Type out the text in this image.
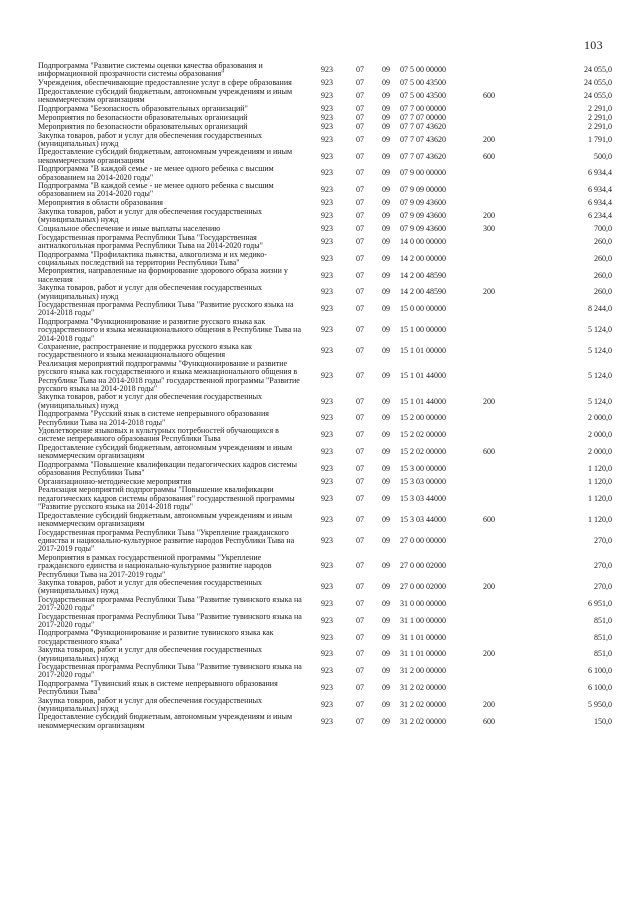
103
Подпрограмма "Развитие системы оценки качества образования и информационной прозрачности системы образования"	923	07	09	07 5 00 00000		24 055,0
Учреждения, обеспечивающие предоставление услуг в сфере образования	923	07	09	07 5 00 43500		24 055,0
Предоставление субсидий бюджетным, автономным учреждениям и иным некоммерческим организациям	923	07	09	07 5 00 43500	600	24 055,0
Подпрограмма "Безопасность образовательных организаций"	923	07	09	07 7 00 00000		2 291,0
Мероприятия по безопасности образовательных организаций	923	07	09	07 7 07 00000		2 291,0
Мероприятия по безопасности образовательных организаций	923	07	09	07 7 07 43620		2 291,0
Закупка товаров, работ и услуг для обеспечения государственных (муниципальных) нужд	923	07	09	07 7 07 43620	200	1 791,0
Предоставление субсидий бюджетным, автономным учреждениям и иным некоммерческим организациям	923	07	09	07 7 07 43620	600	500,0
Подпрограмма "В каждой семье - не менее одного ребенка с высшим образованием на 2014-2020 годы"	923	07	09	07 9 00 00000		6 934,4
Подпрограмма "В каждой семье - не менее одного ребенка с высшим образованием на 2014-2020 годы"	923	07	09	07 9 09 00000		6 934,4
Мероприятия в области образования	923	07	09	07 9 09 43600		6 934,4
Закупка товаров, работ и услуг для обеспечения государственных (муниципальных) нужд	923	07	09	07 9 09 43600	200	6 234,4
Социальное обеспечение и иные выплаты населению	923	07	09	07 9 09 43600	300	700,0
Государственная программа Республики Тыва "Государственная антиалкогольная программа Республики Тыва на 2014-2020 годы"	923	07	09	14 0 00 00000		260,0
Подпрограмма "Профилактика пьянства, алкоголизма и их медико-социальных последствий на территории Республики Тыва"	923	07	09	14 2 00 00000		260,0
Мероприятия, направленные на формирование здорового образа жизни у населения	923	07	09	14 2 00 48590		260,0
Закупка товаров, работ и услуг для обеспечения государственных (муниципальных) нужд	923	07	09	14 2 00 48590	200	260,0
Государственная программа Республики Тыва "Развитие русского языка на 2014-2018 годы"	923	07	09	15 0 00 00000		8 244,0
Подпрограмма "Функционирование и развитие русского языка как государственного и языка межнационального общения в Республике Тыва на 2014-2018 годы"	923	07	09	15 1 00 00000		5 124,0
Сохранение, распространение и поддержка русского языка как государственного и языка межнационального общения	923	07	09	15 1 01 00000		5 124,0
Реализация мероприятий подпрограммы "Функционирование и развитие русского языка как государственного и языка межнационального общения в Республике Тыва на 2014-2018 годы" государственной программы "Развитие русского языка на 2014-2018 годы"	923	07	09	15 1 01 44000		5 124,0
Закупка товаров, работ и услуг для обеспечения государственных (муниципальных) нужд	923	07	09	15 1 01 44000	200	5 124,0
Подпрограмма "Русский язык в системе непрерывного образования Республики Тыва на 2014-2018 годы"	923	07	09	15 2 00 00000		2 000,0
Удовлетворение языковых и культурных потребностей обучающихся в системе непрерывного образования Республики Тыва	923	07	09	15 2 02 00000		2 000,0
Предоставление субсидий бюджетным, автономным учреждениям и иным некоммерческим организациям	923	07	09	15 2 02 00000	600	2 000,0
Подпрограмма "Повышение квалификации педагогических кадров системы образования Республики Тыва"	923	07	09	15 3 00 00000		1 120,0
Организационно-методические мероприятия	923	07	09	15 3 03 00000		1 120,0
Реализация мероприятий подпрограммы "Повышение квалификации педагогических кадров системы образования" государственной программы "Развитие русского языка на 2014-2018 годы"	923	07	09	15 3 03 44000		1 120,0
Предоставление субсидий бюджетным, автономным учреждениям и иным некоммерческим организациям	923	07	09	15 3 03 44000	600	1 120,0
Государственная программа Республики Тыва "Укрепление гражданского единства и национально-культурное развитие народов Республики Тыва на 2017-2019 годы"	923	07	09	27 0 00 00000		270,0
Мероприятия в рамках государственной программы "Укрепление гражданского единства и национально-культурное развитие народов Республики Тыва на 2017-2019 годы"	923	07	09	27 0 00 02000		270,0
Закупка товаров, работ и услуг для обеспечения государственных (муниципальных) нужд	923	07	09	27 0 00 02000	200	270,0
Государственная программа Республики Тыва "Развитие тувинского языка на 2017-2020 годы"	923	07	09	31 0 00 00000		6 951,0
Государственная программа Республики Тыва "Развитие тувинского языка на 2017-2020 годы"	923	07	09	31 1 00 00000		851,0
Подпрограмма "Функционирование и развитие тувинского языка как государственного языка"	923	07	09	31 1 01 00000		851,0
Закупка товаров, работ и услуг для обеспечения государственных (муниципальных) нужд	923	07	09	31 1 01 00000	200	851,0
Государственная программа Республики Тыва "Развитие тувинского языка на 2017-2020 годы"	923	07	09	31 2 00 00000		6 100,0
Подпрограмма "Тувинский язык в системе непрерывного образования Республики Тыва"	923	07	09	31 2 02 00000		6 100,0
Закупка товаров, работ и услуг для обеспечения государственных (муниципальных) нужд	923	07	09	31 2 02 00000	200	5 950,0
Предоставление субсидий бюджетным, автономным учреждениям и иным некоммерческим организациям	923	07	09	31 2 02 00000	600	150,0
